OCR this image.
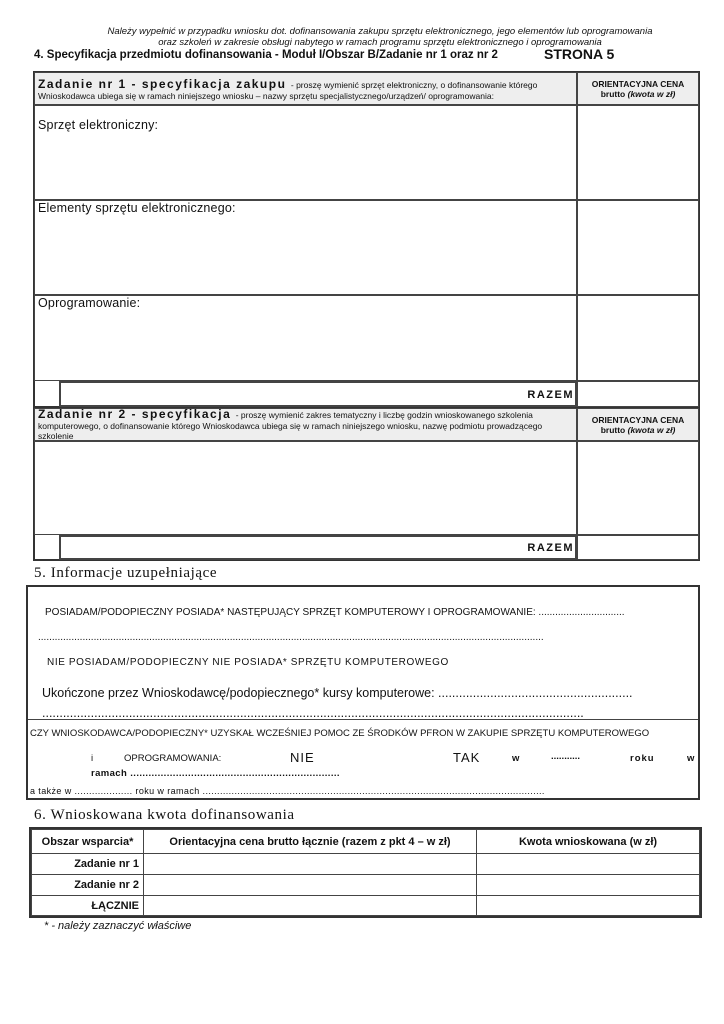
Należy wypełnić w przypadku wniosku dot. dofinansowania zakupu sprzętu elektronicznego, jego elementów lub oprogramowania
oraz szkoleń w zakresie obsługi nabytego w ramach programu sprzętu elektronicznego i oprogramowania
4. Specyfikacja przedmiotu dofinansowania - Moduł I/Obszar B/Zadanie nr 1 oraz nr 2	STRONA 5
Zadanie nr 1 - specyfikacja zakupu - proszę wymienić sprzęt elektroniczny, o dofinansowanie którego
Wnioskodawca ubiega się w ramach niniejszego wniosku – nazwy sprzętu specjalistycznego/urządzeń/ oprogramowania:
ORIENTACYJNA CENA
brutto (kwota w zł)
Sprzęt elektroniczny:
Elementy sprzętu elektronicznego:
Oprogramowanie:
RAZEM
Zadanie nr 2 - specyfikacja - proszę wymienić zakres tematyczny i liczbę godzin wnioskowanego szkolenia
komputerowego, o dofinansowanie którego Wnioskodawca ubiega się w ramach niniejszego wniosku, nazwę podmiotu prowadzącego
szkolenie
ORIENTACYJNA CENA
brutto (kwota w zł)
RAZEM
5. Informacje uzupełniające
POSIADAM/PODOPIECZNY POSIADA* NASTĘPUJĄCY SPRZĘT KOMPUTEROWY I OPROGRAMOWANIE: ...............................
......................................................................................................................................................................................
NIE POSIADAM/PODOPIECZNY NIE POSIADA* SPRZĘTU KOMPUTEROWEGO
Ukończone przez Wnioskodawcę/podopiecznego* kursy komputerowe: ........................................................
............................................................................................................................................................
CZY WNIOSKODAWCA/PODOPIECZNY* UZYSKAŁ WCZEŚNIEJ POMOC ZE ŚRODKÓW PFRON W ZAKUPIE SPRZĘTU KOMPUTEROWEGO
i	OPROGRAMOWANIA:	NIE	TAK	w	...........	roku	w
ramach .....................................................................
a także w .................... roku w ramach ......................................................................................................................
6. Wnioskowana kwota dofinansowania
Obszar wsparcia*	Orientacyjna cena brutto łącznie (razem z pkt 4 – w zł)	Kwota wnioskowana (w zł)
Zadanie nr 1		
Zadanie nr 2		
ŁĄCZNIE		
* - należy zaznaczyć właściwe
